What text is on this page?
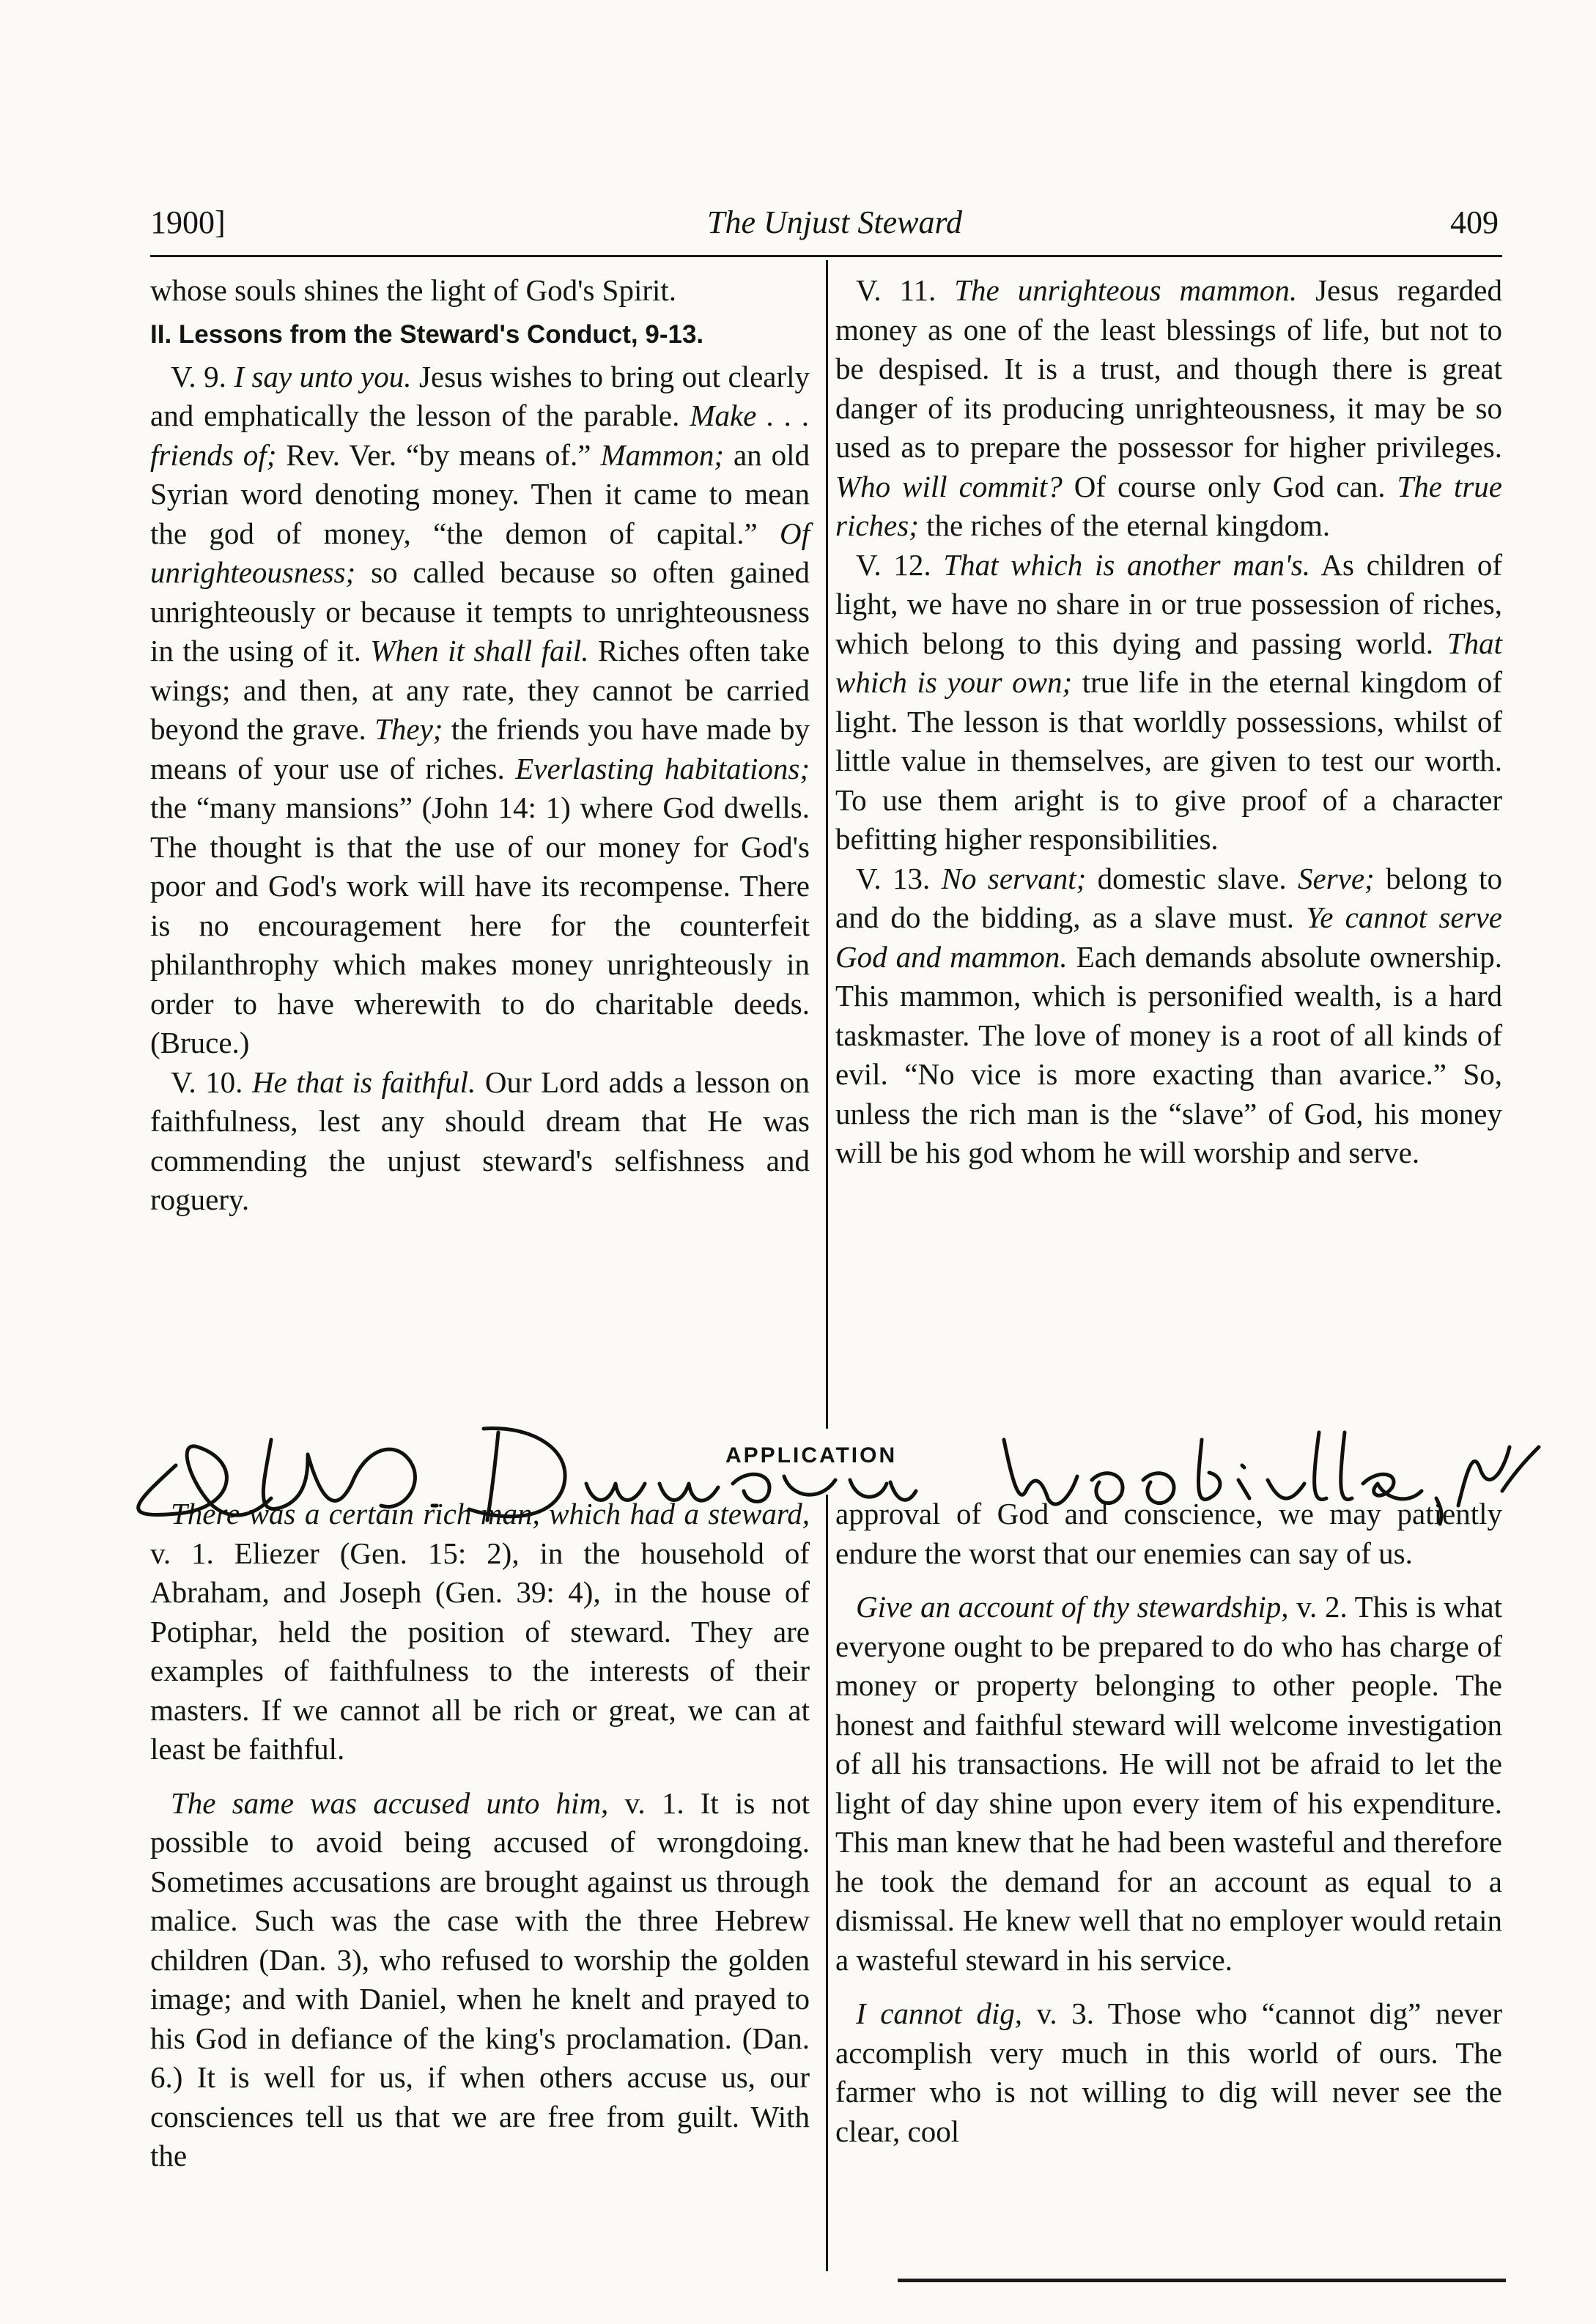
1900]	The Unjust Steward	409

whose souls shines the light of God's Spirit.

II. Lessons from the Steward's Conduct, 9-13.

V. 9. I say unto you. Jesus wishes to bring out clearly and emphatically the lesson of the parable. Make . . . friends of; Rev. Ver. “by means of.” Mammon; an old Syrian word denoting money. Then it came to mean the god of money, “the demon of capital.” Of unrighteousness; so called because so often gained unrighteously or because it tempts to unrighteousness in the using of it. When it shall fail. Riches often take wings; and then, at any rate, they cannot be carried beyond the grave. They; the friends you have made by means of your use of riches. Everlasting habitations; the “many mansions” (John 14: 1) where God dwells. The thought is that the use of our money for God's poor and God's work will have its recompense. There is no encouragement here for the counterfeit philanthrophy which makes money unrighteously in order to have wherewith to do charitable deeds. (Bruce.)

V. 10. He that is faithful. Our Lord adds a lesson on faithfulness, lest any should dream that He was commending the unjust steward's selfishness and roguery.

V. 11. The unrighteous mammon. Jesus regarded money as one of the least blessings of life, but not to be despised. It is a trust, and though there is great danger of its producing unrighteousness, it may be so used as to prepare the possessor for higher privileges. Who will commit? Of course only God can. The true riches; the riches of the eternal kingdom.

V. 12. That which is another man's. As children of light, we have no share in or true possession of riches, which belong to this dying and passing world. That which is your own; true life in the eternal kingdom of light. The lesson is that worldly possessions, whilst of little value in themselves, are given to test our worth. To use them aright is to give proof of a character befitting higher responsibilities.

V. 13. No servant; domestic slave. Serve; belong to and do the bidding, as a slave must. Ye cannot serve God and mammon. Each demands absolute ownership. This mammon, which is personified wealth, is a hard taskmaster. The love of money is a root of all kinds of evil. “No vice is more exacting than avarice.” So, unless the rich man is the “slave” of God, his money will be his god whom he will worship and serve.

APPLICATION

There was a certain rich man, which had a steward, v. 1. Eliezer (Gen. 15: 2), in the household of Abraham, and Joseph (Gen. 39: 4), in the house of Potiphar, held the position of steward. They are examples of faithfulness to the interests of their masters. If we cannot all be rich or great, we can at least be faithful.

The same was accused unto him, v. 1. It is not possible to avoid being accused of wrongdoing. Sometimes accusations are brought against us through malice. Such was the case with the three Hebrew children (Dan. 3), who refused to worship the golden image; and with Daniel, when he knelt and prayed to his God in defiance of the king's proclamation. (Dan. 6.) It is well for us, if when others accuse us, our consciences tell us that we are free from guilt. With the

approval of God and conscience, we may patiently endure the worst that our enemies can say of us.

Give an account of thy stewardship, v. 2. This is what everyone ought to be prepared to do who has charge of money or property belonging to other people. The honest and faithful steward will welcome investigation of all his transactions. He will not be afraid to let the light of day shine upon every item of his expenditure. This man knew that he had been wasteful and therefore he took the demand for an account as equal to a dismissal. He knew well that no employer would retain a wasteful steward in his service.

I cannot dig, v. 3. Those who “cannot dig” never accomplish very much in this world of ours. The farmer who is not willing to dig will never see the clear, cool
